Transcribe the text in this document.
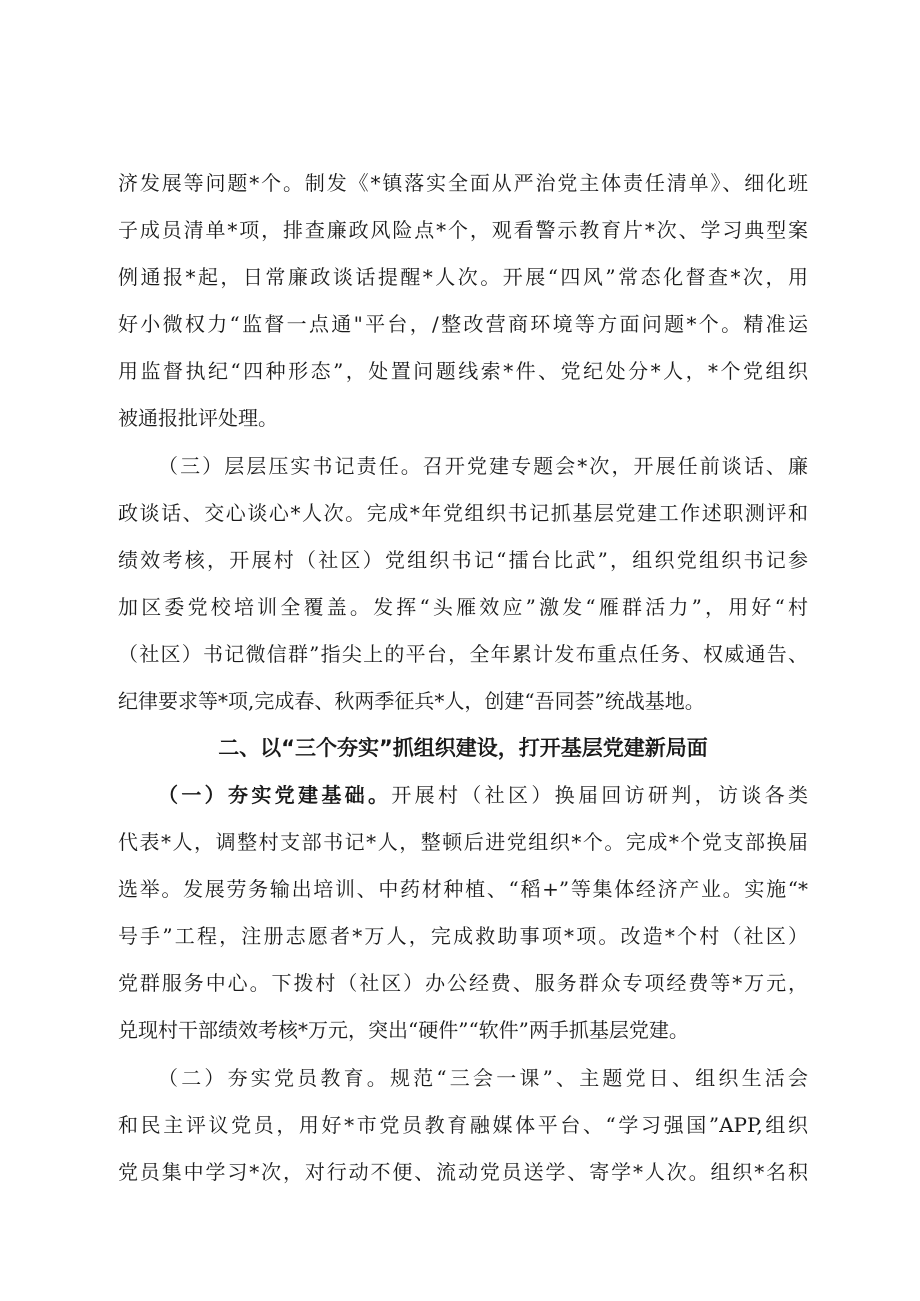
济发展等问题*个。制发《*镇落实全面从严治党主体责任清单》、细化班
子成员清单*项，排查廉政风险点*个，观看警示教育片*次、学习典型案
例通报*起，日常廉政谈话提醒*人次。开展“四风”常态化督查*次，用
好小微权力“监督一点通"平台，/整改营商环境等方面问题*个。精准运
用监督执纪“四种形态”，处置问题线索*件、党纪处分*人，*个党组织
被通报批评处理。
（三）层层压实书记责任。召开党建专题会*次，开展任前谈话、廉
政谈话、交心谈心*人次。完成*年党组织书记抓基层党建工作述职测评和
绩效考核，开展村（社区）党组织书记“擂台比武”，组织党组织书记参
加区委党校培训全覆盖。发挥“头雁效应”激发“雁群活力”，用好“村
（社区）书记微信群”指尖上的平台，全年累计发布重点任务、权威通告、
纪律要求等*项,完成春、秋两季征兵*人，创建“吾同荟”统战基地。
二、以“三个夯实”抓组织建设，打开基层党建新局面
（一）夯实党建基础。开展村（社区）换届回访研判，访谈各类
代表*人，调整村支部书记*人，整顿后进党组织*个。完成*个党支部换届
选举。发展劳务输出培训、中药材种植、“稻+”等集体经济产业。实施“*
号手”工程，注册志愿者*万人，完成救助事项*项。改造*个村（社区）
党群服务中心。下拨村（社区）办公经费、服务群众专项经费等*万元，
兑现村干部绩效考核*万元，突出“硬件”“软件”两手抓基层党建。
（二）夯实党员教育。规范“三会一课”、主题党日、组织生活会
和民主评议党员，用好*市党员教育融媒体平台、“学习强国”APP,组织
党员集中学习*次，对行动不便、流动党员送学、寄学*人次。组织*名积
